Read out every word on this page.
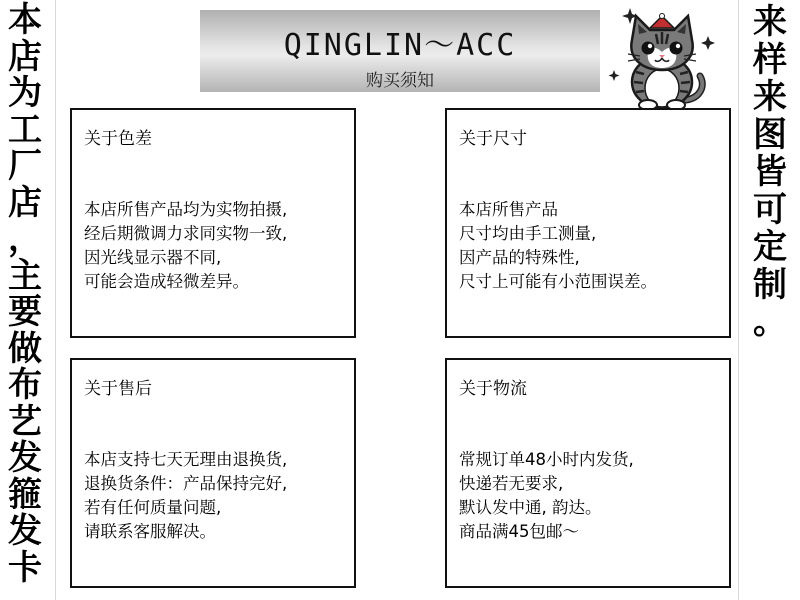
本
店
为
工
厂
店
，
主
要
做
布
艺
发
箍
发
卡
来
样
来
图
皆
可
定
制
。
QINGLIN～ACC
购买须知
关于色差
本店所售产品均为实物拍摄,
经后期微调力求同实物一致,
因光线显示器不同,
可能会造成轻微差异。
关于尺寸
本店所售产品
尺寸均由手工测量,
因产品的特殊性,
尺寸上可能有小范围误差。
关于售后
本店支持七天无理由退换货,
退换货条件：产品保持完好,
若有任何质量问题,
请联系客服解决。
关于物流
常规订单48小时内发货,
快递若无要求,
默认发中通, 韵达。
商品满45包邮～
